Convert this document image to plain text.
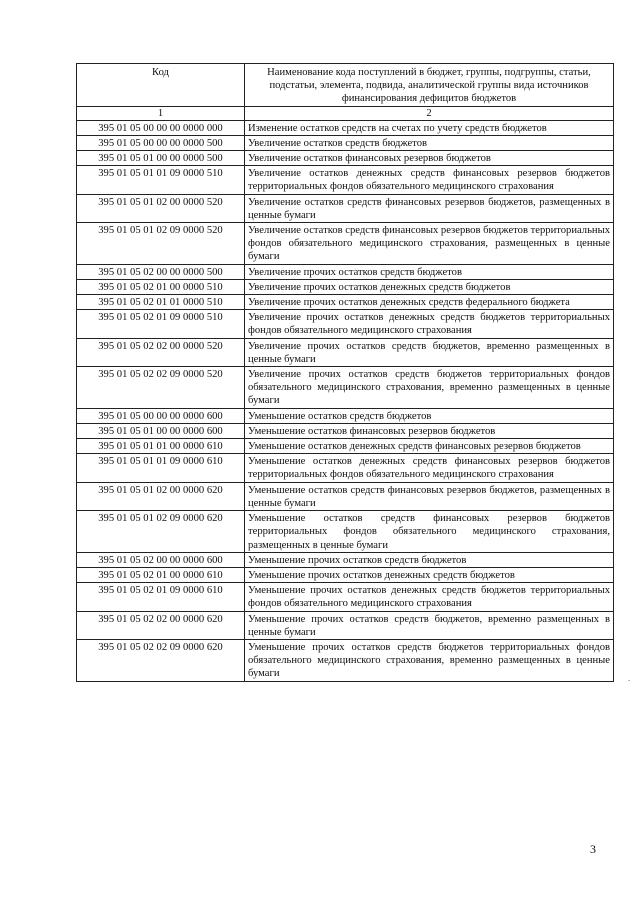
Код	Наименование кода поступлений в бюджет, группы, подгруппы, статьи, подстатьи, элемента, подвида, аналитической группы вида источников финансирования дефицитов бюджетов
1	2
395 01 05 00 00 00 0000 000	Изменение остатков средств на счетах по учету средств бюджетов
395 01 05 00 00 00 0000 500	Увеличение остатков средств бюджетов
395 01 05 01 00 00 0000 500	Увеличение остатков финансовых резервов бюджетов
395 01 05 01 01 09 0000 510	Увеличение остатков денежных средств финансовых резервов бюджетов территориальных фондов обязательного медицинского страхования
395 01 05 01 02 00 0000 520	Увеличение остатков средств финансовых резервов бюджетов, размещенных в ценные бумаги
395 01 05 01 02 09 0000 520	Увеличение остатков средств финансовых резервов бюджетов территориальных фондов обязательного медицинского страхования, размещенных в ценные бумаги
395 01 05 02 00 00 0000 500	Увеличение прочих остатков средств бюджетов
395 01 05 02 01 00 0000 510	Увеличение прочих остатков денежных средств бюджетов
395 01 05 02 01 01 0000 510	Увеличение прочих остатков денежных средств федерального бюджета
395 01 05 02 01 09 0000 510	Увеличение прочих остатков денежных средств бюджетов территориальных фондов обязательного медицинского страхования
395 01 05 02 02 00 0000 520	Увеличение прочих остатков средств бюджетов, временно размещенных в ценные бумаги
395 01 05 02 02 09 0000 520	Увеличение прочих остатков средств бюджетов территориальных фондов обязательного медицинского страхования, временно размещенных в ценные бумаги
395 01 05 00 00 00 0000 600	Уменьшение остатков средств бюджетов
395 01 05 01 00 00 0000 600	Уменьшение остатков финансовых резервов бюджетов
395 01 05 01 01 00 0000 610	Уменьшение остатков денежных средств финансовых резервов бюджетов
395 01 05 01 01 09 0000 610	Уменьшение остатков денежных средств финансовых резервов бюджетов территориальных фондов обязательного медицинского страхования
395 01 05 01 02 00 0000 620	Уменьшение остатков средств финансовых резервов бюджетов, размещенных в ценные бумаги
395 01 05 01 02 09 0000 620	Уменьшение остатков средств финансовых резервов бюджетов территориальных фондов обязательного медицинского страхования, размещенных в ценные бумаги
395 01 05 02 00 00 0000 600	Уменьшение прочих остатков средств бюджетов
395 01 05 02 01 00 0000 610	Уменьшение прочих остатков денежных средств бюджетов
395 01 05 02 01 09 0000 610	Уменьшение прочих остатков денежных средств бюджетов территориальных фондов обязательного медицинского страхования
395 01 05 02 02 00 0000 620	Уменьшение прочих остатков средств бюджетов, временно размещенных в ценные бумаги
395 01 05 02 02 09 0000 620	Уменьшение прочих остатков средств бюджетов территориальных фондов обязательного медицинского страхования, временно размещенных в ценные бумаги
3
.
